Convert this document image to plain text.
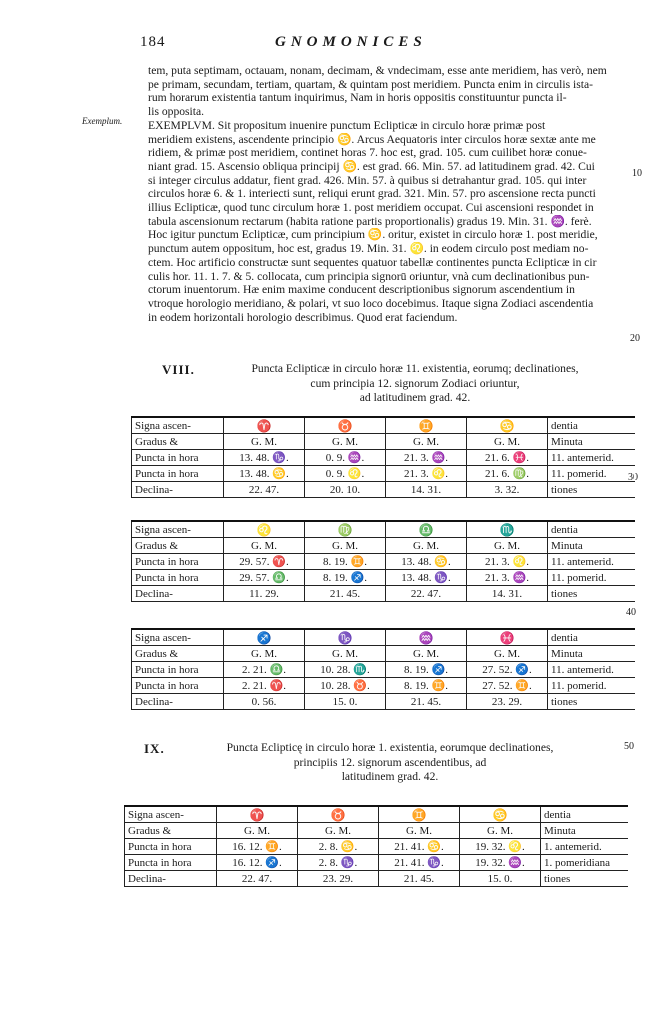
184	GNOMONICES
Exemplum.
10
20
30
40
50

tem, puta septimam, octauam, nonam, decimam, & vndecimam, esse ante meridiem, has verò, nem

pe primam, secundam, tertiam, quartam, & quintam post meridiem. Puncta enim in circulis ista-

rum horarum existentia tantum inquirimus, Nam in horis oppositis constituuntur puncta il-

lis opposita.

EXEMPLVM. Sit propositum inuenire punctum Eclipticæ in circulo horæ primæ post

meridiem existens, ascendente principio ♋. Arcus Aequatoris inter circulos horæ sextæ ante me

ridiem, & primæ post meridiem, continet horas 7. hoc est, grad. 105. cum cuilibet horæ conue-

niant grad. 15. Ascensio obliqua principij ♋. est grad. 66. Min. 57. ad latitudinem grad. 42. Cui

si integer circulus addatur, fient grad. 426. Min. 57. à quibus si detrahantur grad. 105. qui inter

circulos horæ 6. & 1. interiecti sunt, reliqui erunt grad. 321. Min. 57. pro ascensione recta puncti

illius Eclipticæ, quod tunc circulum horæ 1. post meridiem occupat. Cui ascensioni respondet in

tabula ascensionum rectarum (habita ratione partis proportionalis) gradus 19. Min. 31. ♒. ferè.

Hoc igitur punctum Eclipticæ, cum principium ♋. oritur, existet in circulo horæ 1. post meridie,

punctum autem oppositum, hoc est, gradus 19. Min. 31. ♌. in eodem circulo post mediam no-

ctem. Hoc artificio constructæ sunt sequentes quatuor tabellæ continentes puncta Eclipticæ in cir

culis hor. 11. 1. 7. & 5. collocata, cum principia signorū oriuntur, vnà cum declinationibus pun-

ctorum inuentorum. Hæ enim maxime conducent descriptionibus signorum ascendentium in

vtroque horologio meridiano, & polari, vt suo loco docebimus. Itaque signa Zodiaci ascendentia

in eodem horizontali horologio describimus. Quod erat faciendum.

VIII.	Puncta Eclipticæ in circulo horæ 11. existentia, eorumq; declinationes,

cum principia 12. signorum Zodiaci oriuntur,

ad latitudinem grad. 42.

Signa ascen-	♈	♉	♊	♋	dentia
Gradus &	G. M.	G. M.	G. M.	G. M.	Minuta
Puncta in hora	13. 48. ♑.	0. 9. ♒.	21. 3. ♒.	21. 6. ♓.	11. antemerid.
Puncta in hora	13. 48. ♋.	0. 9. ♌.	21. 3. ♌.	21. 6. ♍.	11. pomerid.
Declina-	22. 47.	20. 10.	14. 31.	3. 32.	tiones
Signa ascen-	♌	♍	♎	♏	dentia
Gradus &	G. M.	G. M.	G. M.	G. M.	Minuta
Puncta in hora	29. 57. ♈.	8. 19. ♊.	13. 48. ♋.	21. 3. ♌.	11. antemerid.
Puncta in hora	29. 57. ♎.	8. 19. ♐.	13. 48. ♑.	21. 3. ♒.	11. pomerid.
Declina-	11. 29.	21. 45.	22. 47.	14. 31.	tiones
Signa ascen-	♐	♑	♒	♓	dentia
Gradus &	G. M.	G. M.	G. M.	G. M.	Minuta
Puncta in hora	2. 21. ♎.	10. 28. ♏.	8. 19. ♐.	27. 52. ♐.	11. antemerid.
Puncta in hora	2. 21. ♈.	10. 28. ♉.	8. 19. ♊.	27. 52. ♊.	11. pomerid.
Declina-	0. 56.	15. 0.	21. 45.	23. 29.	tiones
IX.	Puncta Eclipticę in circulo horæ 1. existentia, eorumque declinationes,

principiis 12. signorum ascendentibus, ad

latitudinem grad. 42.

Signa ascen-	♈	♉	♊	♋	dentia
Gradus &	G. M.	G. M.	G. M.	G. M.	Minuta
Puncta in hora	16. 12. ♊.	2. 8. ♋.	21. 41. ♋.	19. 32. ♌.	1. antemerid.
Puncta in hora	16. 12. ♐.	2. 8. ♑.	21. 41. ♑.	19. 32. ♒.	1. pomeridiana
Declina-	22. 47.	23. 29.	21. 45.	15. 0.	tiones
